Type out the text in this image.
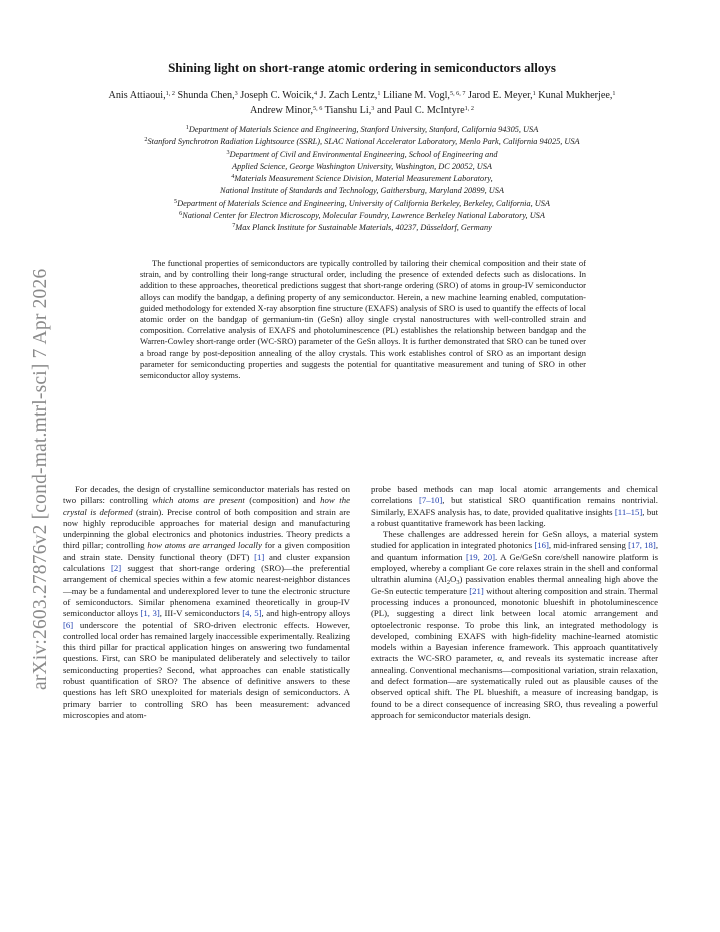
arXiv:2603.27876v2 [cond-mat.mtrl-sci] 7 Apr 2026
Shining light on short-range atomic ordering in semiconductors alloys
Anis Attiaoui,$^{1, 2}$ Shunda Chen,$^3$ Joseph C. Woicik,$^4$ J. Zach Lentz,$^1$ Liliane M. Vogl,$^{5, 6, 7}$ Jarod E. Meyer,$^1$ Kunal Mukherjee,$^1$ Andrew Minor,$^{5, 6}$ Tianshu Li,$^3$ and Paul C. McIntyre$^{1, 2}$
$^1$Department of Materials Science and Engineering, Stanford University, Stanford, California 94305, USA
$^2$Stanford Synchrotron Radiation Lightsource (SSRL), SLAC National Accelerator Laboratory, Menlo Park, California 94025, USA
$^3$Department of Civil and Environmental Engineering, School of Engineering and
Applied Science, George Washington University, Washington, DC 20052, USA
$^4$Materials Measurement Science Division, Material Measurement Laboratory,
National Institute of Standards and Technology, Gaithersburg, Maryland 20899, USA
$^5$Department of Materials Science and Engineering, University of California Berkeley, Berkeley, California, USA
$^6$National Center for Electron Microscopy, Molecular Foundry, Lawrence Berkeley National Laboratory, USA
$^7$Max Planck Institute for Sustainable Materials, 40237, Düsseldorf, Germany
The functional properties of semiconductors are typically controlled by tailoring their chemical composition and their state of strain, and by controlling their long-range structural order, including the presence of extended defects such as dislocations. In addition to these approaches, theoretical predictions suggest that short-range ordering (SRO) of atoms in group-IV semiconductor alloys can modify the bandgap, a defining property of any semiconductor. Herein, a new machine learning enabled, computation-guided methodology for extended X-ray absorption fine structure (EXAFS) analysis of SRO is used to quantify the effects of local atomic order on the bandgap of germanium-tin (GeSn) alloy single crystal nanostructures with well-controlled strain and composition. Correlative analysis of EXAFS and photoluminescence (PL) establishes the relationship between bandgap and the Warren-Cowley short-range order (WC-SRO) parameter of the GeSn alloys. It is further demonstrated that SRO can be tuned over a broad range by post-deposition annealing of the alloy crystals. This work establishes control of SRO as an important design parameter for semiconducting properties and suggests the potential for quantitative measurement and tuning of SRO in other semiconductor alloy systems.

For decades, the design of crystalline semiconductor materials has rested on two pillars: controlling which atoms are present (composition) and how the crystal is deformed (strain). Precise control of both composition and strain are now highly reproducible approaches for material design and manufacturing underpinning the global electronics and photonics industries. Theory predicts a third pillar; controlling how atoms are arranged locally for a given composition and strain state. Density functional theory (DFT) [1] and cluster expansion calculations [2] suggest that short-range ordering (SRO)—the preferential arrangement of chemical species within a few atomic nearest-neighbor distances—may be a fundamental and underexplored lever to tune the electronic structure of semiconductors. Similar phenomena examined theoretically in group-IV semiconductor alloys [1, 3], III-V semiconductors [4, 5], and high-entropy alloys [6] underscore the potential of SRO-driven electronic effects. However, controlled local order has remained largely inaccessible experimentally. Realizing this third pillar for practical application hinges on answering two fundamental questions. First, can SRO be manipulated deliberately and selectively to tailor semiconducting properties? Second, what approaches can enable statistically robust quantification of SRO? The absence of definitive answers to these questions has left SRO unexploited for materials design of semiconductors. A primary barrier to controlling SRO has been measurement: advanced microscopies and atom-

probe based methods can map local atomic arrangements and chemical correlations [7–10], but statistical SRO quantification remains nontrivial. Similarly, EXAFS analysis has, to date, provided qualitative insights [11–15], but a robust quantitative framework has been lacking.

These challenges are addressed herein for GeSn alloys, a material system studied for application in integrated photonics [16], mid-infrared sensing [17, 18], and quantum information [19, 20]. A Ge/GeSn core/shell nanowire platform is employed, whereby a compliant Ge core relaxes strain in the shell and conformal ultrathin alumina $(Al_2O_3)$ passivation enables thermal annealing high above the Ge-Sn eutectic temperature [21] without altering composition and strain. Thermal processing induces a pronounced, monotonic blueshift in photoluminescence (PL), suggesting a direct link between local atomic arrangement and optoelectronic response. To probe this link, an integrated methodology is developed, combining EXAFS with high-fidelity machine-learned atomistic models within a Bayesian inference framework. This approach quantitatively extracts the WC-SRO parameter, α, and reveals its systematic increase after annealing. Conventional mechanisms—compositional variation, strain relaxation, and defect formation—are systematically ruled out as plausible causes of the observed optical shift. The PL blueshift, a measure of increasing bandgap, is found to be a direct consequence of increasing SRO, thus revealing a powerful approach for semiconductor materials design.
